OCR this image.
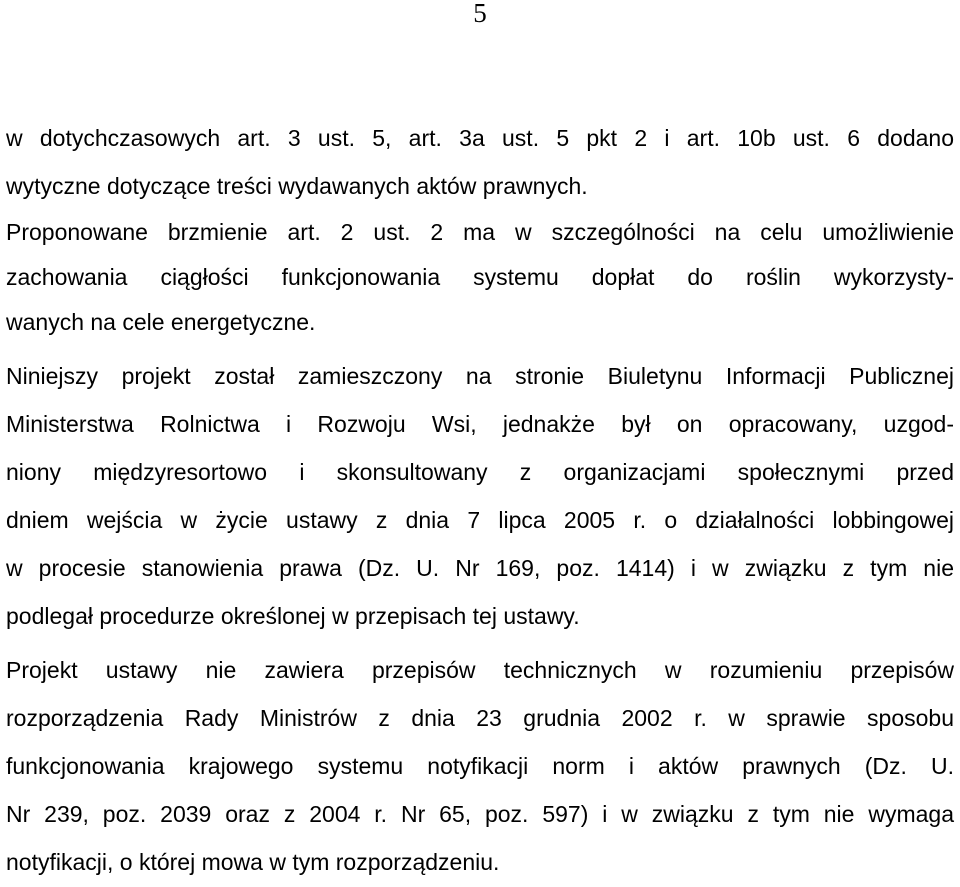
5
w dotychczasowych art. 3 ust. 5, art. 3a ust. 5 pkt 2 i art. 10b ust. 6 dodano
wytyczne dotyczące treści wydawanych aktów prawnych.
Proponowane brzmienie art. 2 ust. 2 ma w szczególności na celu umożliwienie
zachowania ciągłości funkcjonowania systemu dopłat do roślin wykorzysty-
wanych na cele energetyczne.
Niniejszy projekt został zamieszczony na stronie Biuletynu Informacji Publicznej
Ministerstwa Rolnictwa i Rozwoju Wsi, jednakże był on opracowany, uzgod-
niony międzyresortowo i skonsultowany z organizacjami społecznymi przed
dniem wejścia w życie ustawy z dnia 7 lipca 2005 r. o działalności lobbingowej
w procesie stanowienia prawa (Dz. U. Nr 169, poz. 1414) i w związku z tym nie
podlegał procedurze określonej w przepisach tej ustawy.
Projekt ustawy nie zawiera przepisów technicznych w rozumieniu przepisów
rozporządzenia Rady Ministrów z dnia 23 grudnia 2002 r. w sprawie sposobu
funkcjonowania krajowego systemu notyfikacji norm i aktów prawnych (Dz. U.
Nr 239, poz. 2039 oraz z 2004 r. Nr 65, poz. 597) i w związku z tym nie wymaga
notyfikacji, o której mowa w tym rozporządzeniu.
